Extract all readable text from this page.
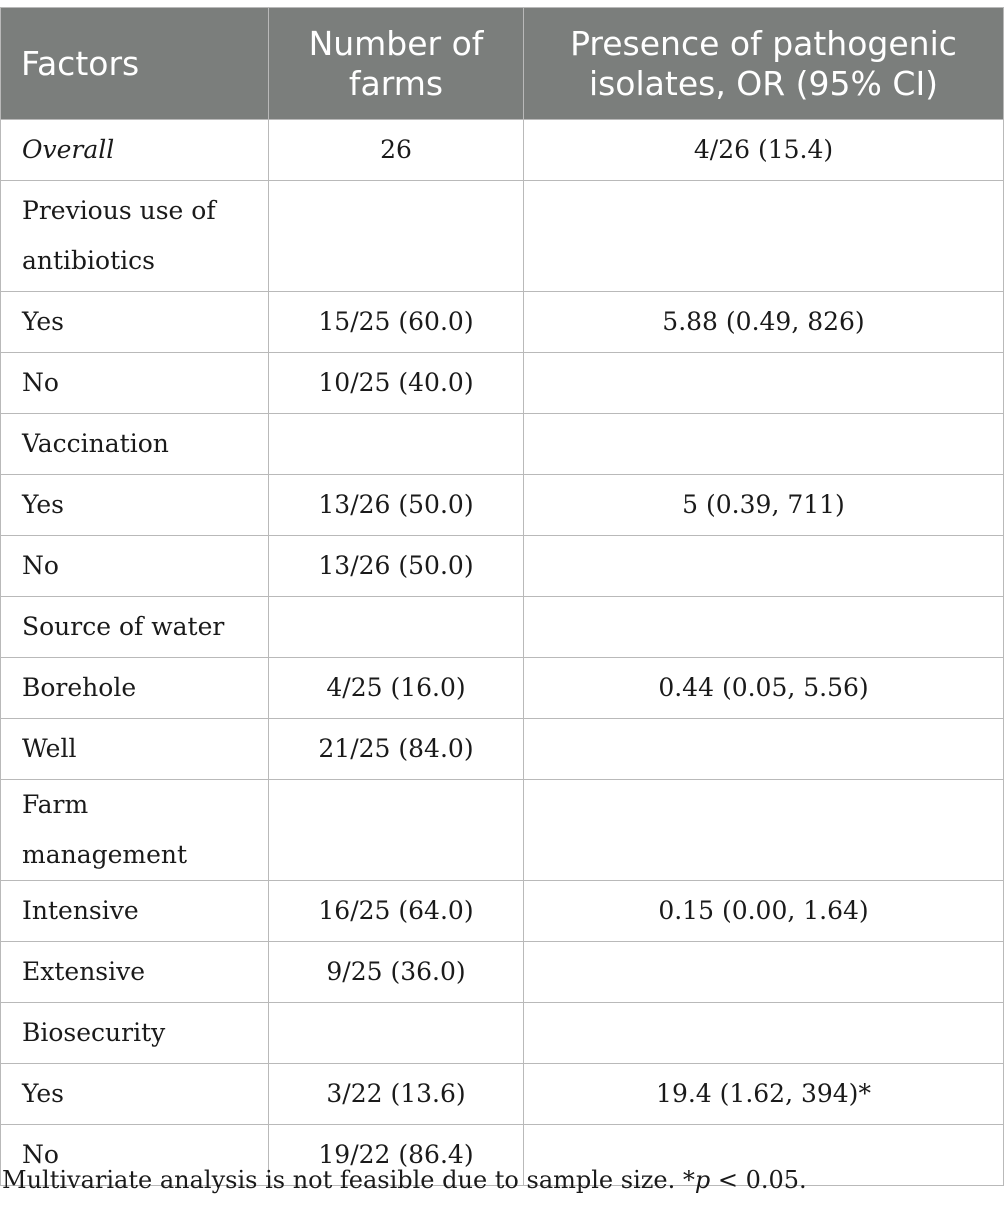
Factors	Number of farms	Presence of pathogenic isolates, OR (95% CI)
Overall	26	4/26 (15.4)
Previous use of antibiotics		
Yes	15/25 (60.0)	5.88 (0.49, 826)
No	10/25 (40.0)	
Vaccination		
Yes	13/26 (50.0)	5 (0.39, 711)
No	13/26 (50.0)	
Source of water		
Borehole	4/25 (16.0)	0.44 (0.05, 5.56)
Well	21/25 (84.0)	
Farm management		
Intensive	16/25 (64.0)	0.15 (0.00, 1.64)
Extensive	9/25 (36.0)	
Biosecurity		
Yes	3/22 (13.6)	19.4 (1.62, 394)*
No	19/22 (86.4)	
Multivariate analysis is not feasible due to sample size. *p < 0.05.
